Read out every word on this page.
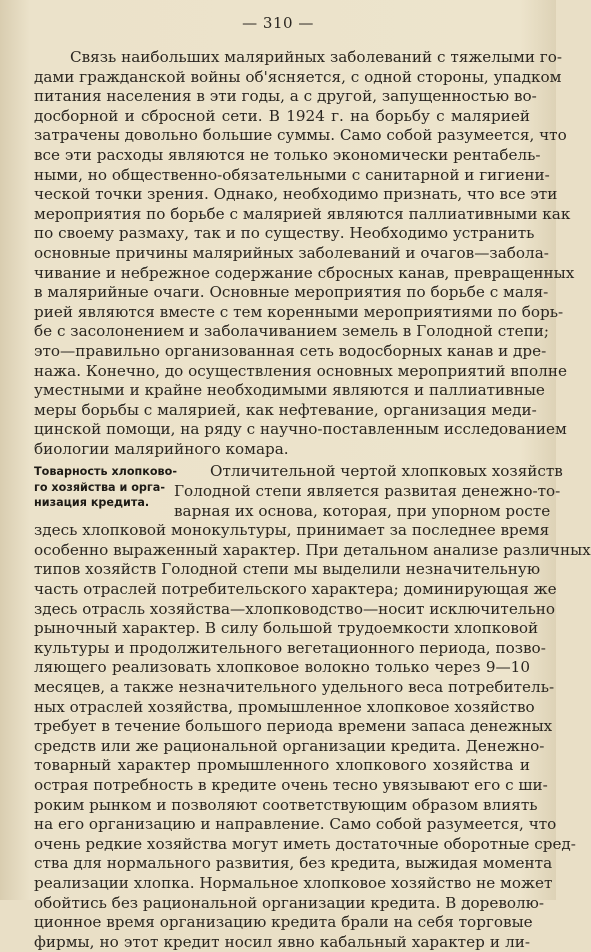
— 310 —
Связь наибольших малярийных заболеваний с тяжелыми го-
дами гражданской войны об'ясняется, с одной стороны, упадком
питания населения в эти годы, а с другой, запущенностью во-
досборной и сбросной сети. В 1924 г. на борьбу с малярией
затрачены довольно большие суммы. Само собой разумеется, что
все эти расходы являются не только экономически рентабель-
ными, но общественно-обязательными с санитарной и гигиени-
ческой точки зрения. Однако, необходимо признать, что все эти
мероприятия по борьбе с малярией являются паллиативными как
по своему размаху, так и по существу. Необходимо устранить
основные причины малярийных заболеваний и очагов—заболa-
чивание и небрежное содержание сбросных канав, превращенных
в малярийные очаги. Основные мероприятия по борьбе с маля-
рией являются вместе с тем коренными мероприятиями по борь-
бе с засолонением и заболачиванием земель в Голодной степи;
это—правильно организованная сеть водосборных канав и дре-
нажа. Конечно, до осуществления основных мероприятий вполне
уместными и крайне необходимыми являются и паллиативные
меры борьбы с малярией, как нефтевание, организация меди-
цинской помощи, на ряду с научно-поставленным исследованием
биологии малярийного комара.
Товарность хлопково-
го хозяйства и орга-
низация кредита.
Отличительной чертой хлопковых хозяйств
Голодной степи является развитая денежно-то-
варная их основа, которая, при упорном росте
здесь хлопковой монокультуры, принимает за последнее время
особенно выраженный характер. При детальном анализе различных
типов хозяйств Голодной степи мы выделили незначительную
часть отраслей потребительского характера; доминирующая же
здесь отрасль хозяйства—хлопководство—носит исключительно
рыночный характер. В силу большой трудоемкости хлопковой
культуры и продолжительного вегетационного периода, позво-
ляющего реализовать хлопковое волокно только через 9—10
месяцев, а также незначительного удельного веса потребитель-
ных отраслей хозяйства, промышленное хлопковое хозяйство
требует в течение большого периода времени запаса денежных
средств или же рациональной организации кредита. Денежно-
товарный характер промышленного хлопкового хозяйства и
острая потребность в кредите очень тесно увязывают его с ши-
роким рынком и позволяют соответствующим образом влиять
на его организацию и направление. Само собой разумеется, что
очень редкие хозяйства могут иметь достаточные оборотные сред-
ства для нормального развития, без кредита, выжидая момента
реализации хлопка. Нормальное хлопковое хозяйство не может
обойтись без рациональной организации кредита. В дореволю-
ционное время организацию кредита брали на себя торговые
фирмы, но этот кредит носил явно кабальный характер и ли-
